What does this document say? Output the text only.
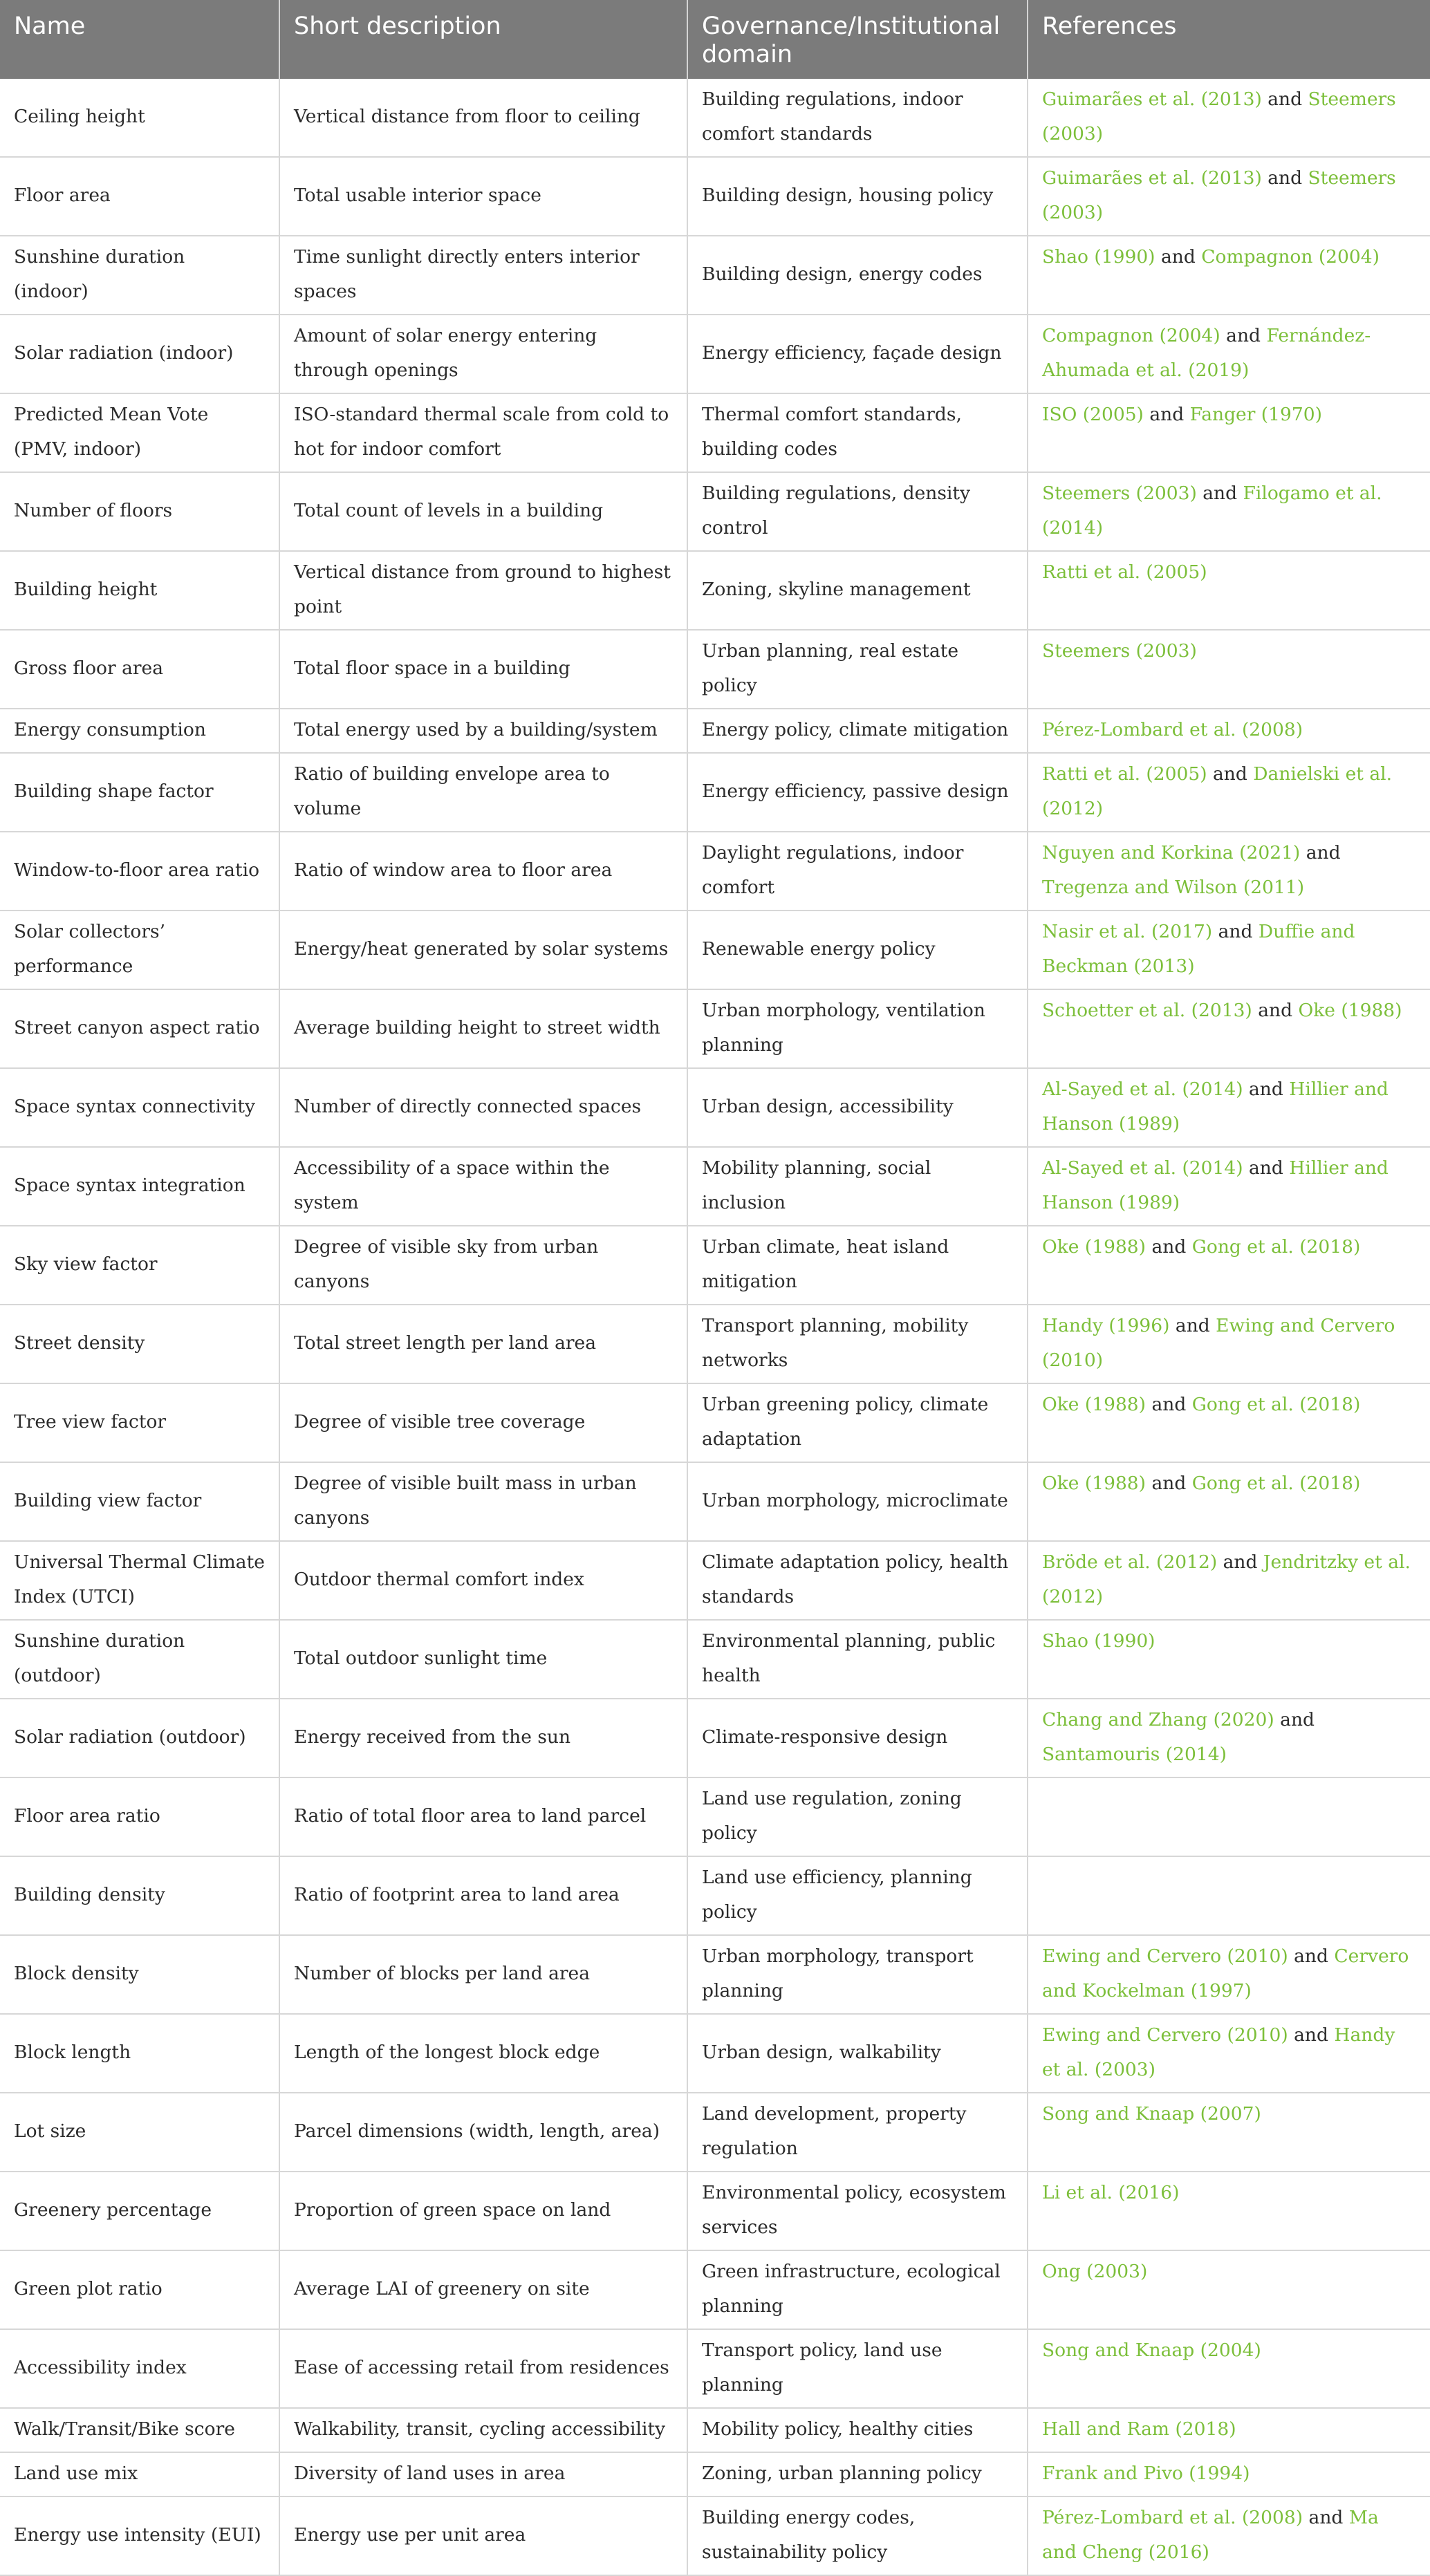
Name	Short description	Governance/Institutional domain	References
Ceiling height	Vertical distance from floor to ceiling	Building regulations, indoor comfort standards	Guimarães et al. (2013) and Steemers (2003)
Floor area	Total usable interior space	Building design, housing policy	Guimarães et al. (2013) and Steemers (2003)
Sunshine duration (indoor)	Time sunlight directly enters interior spaces	Building design, energy codes	Shao (1990) and Compagnon (2004)
Solar radiation (indoor)	Amount of solar energy entering through openings	Energy efficiency, façade design	Compagnon (2004) and Fernández-Ahumada et al. (2019)
Predicted Mean Vote (PMV, indoor)	ISO-standard thermal scale from cold to hot for indoor comfort	Thermal comfort standards, building codes	ISO (2005) and Fanger (1970)
Number of floors	Total count of levels in a building	Building regulations, density control	Steemers (2003) and Filogamo et al. (2014)
Building height	Vertical distance from ground to highest point	Zoning, skyline management	Ratti et al. (2005)
Gross floor area	Total floor space in a building	Urban planning, real estate policy	Steemers (2003)
Energy consumption	Total energy used by a building/system	Energy policy, climate mitigation	Pérez-Lombard et al. (2008)
Building shape factor	Ratio of building envelope area to volume	Energy efficiency, passive design	Ratti et al. (2005) and Danielski et al. (2012)
Window-to-floor area ratio	Ratio of window area to floor area	Daylight regulations, indoor comfort	Nguyen and Korkina (2021) and Tregenza and Wilson (2011)
Solar collectors’ performance	Energy/heat generated by solar systems	Renewable energy policy	Nasir et al. (2017) and Duffie and Beckman (2013)
Street canyon aspect ratio	Average building height to street width	Urban morphology, ventilation planning	Schoetter et al. (2013) and Oke (1988)
Space syntax connectivity	Number of directly connected spaces	Urban design, accessibility	Al-Sayed et al. (2014) and Hillier and Hanson (1989)
Space syntax integration	Accessibility of a space within the system	Mobility planning, social inclusion	Al-Sayed et al. (2014) and Hillier and Hanson (1989)
Sky view factor	Degree of visible sky from urban canyons	Urban climate, heat island mitigation	Oke (1988) and Gong et al. (2018)
Street density	Total street length per land area	Transport planning, mobility networks	Handy (1996) and Ewing and Cervero (2010)
Tree view factor	Degree of visible tree coverage	Urban greening policy, climate adaptation	Oke (1988) and Gong et al. (2018)
Building view factor	Degree of visible built mass in urban canyons	Urban morphology, microclimate	Oke (1988) and Gong et al. (2018)
Universal Thermal Climate Index (UTCI)	Outdoor thermal comfort index	Climate adaptation policy, health standards	Bröde et al. (2012) and Jendritzky et al. (2012)
Sunshine duration (outdoor)	Total outdoor sunlight time	Environmental planning, public health	Shao (1990)
Solar radiation (outdoor)	Energy received from the sun	Climate-responsive design	Chang and Zhang (2020) and Santamouris (2014)
Floor area ratio	Ratio of total floor area to land parcel	Land use regulation, zoning policy	
Building density	Ratio of footprint area to land area	Land use efficiency, planning policy	
Block density	Number of blocks per land area	Urban morphology, transport planning	Ewing and Cervero (2010) and Cervero and Kockelman (1997)
Block length	Length of the longest block edge	Urban design, walkability	Ewing and Cervero (2010) and Handy et al. (2003)
Lot size	Parcel dimensions (width, length, area)	Land development, property regulation	Song and Knaap (2007)
Greenery percentage	Proportion of green space on land	Environmental policy, ecosystem services	Li et al. (2016)
Green plot ratio	Average LAI of greenery on site	Green infrastructure, ecological planning	Ong (2003)
Accessibility index	Ease of accessing retail from residences	Transport policy, land use planning	Song and Knaap (2004)
Walk/Transit/Bike score	Walkability, transit, cycling accessibility	Mobility policy, healthy cities	Hall and Ram (2018)
Land use mix	Diversity of land uses in area	Zoning, urban planning policy	Frank and Pivo (1994)
Energy use intensity (EUI)	Energy use per unit area	Building energy codes, sustainability policy	Pérez-Lombard et al. (2008) and Ma and Cheng (2016)
